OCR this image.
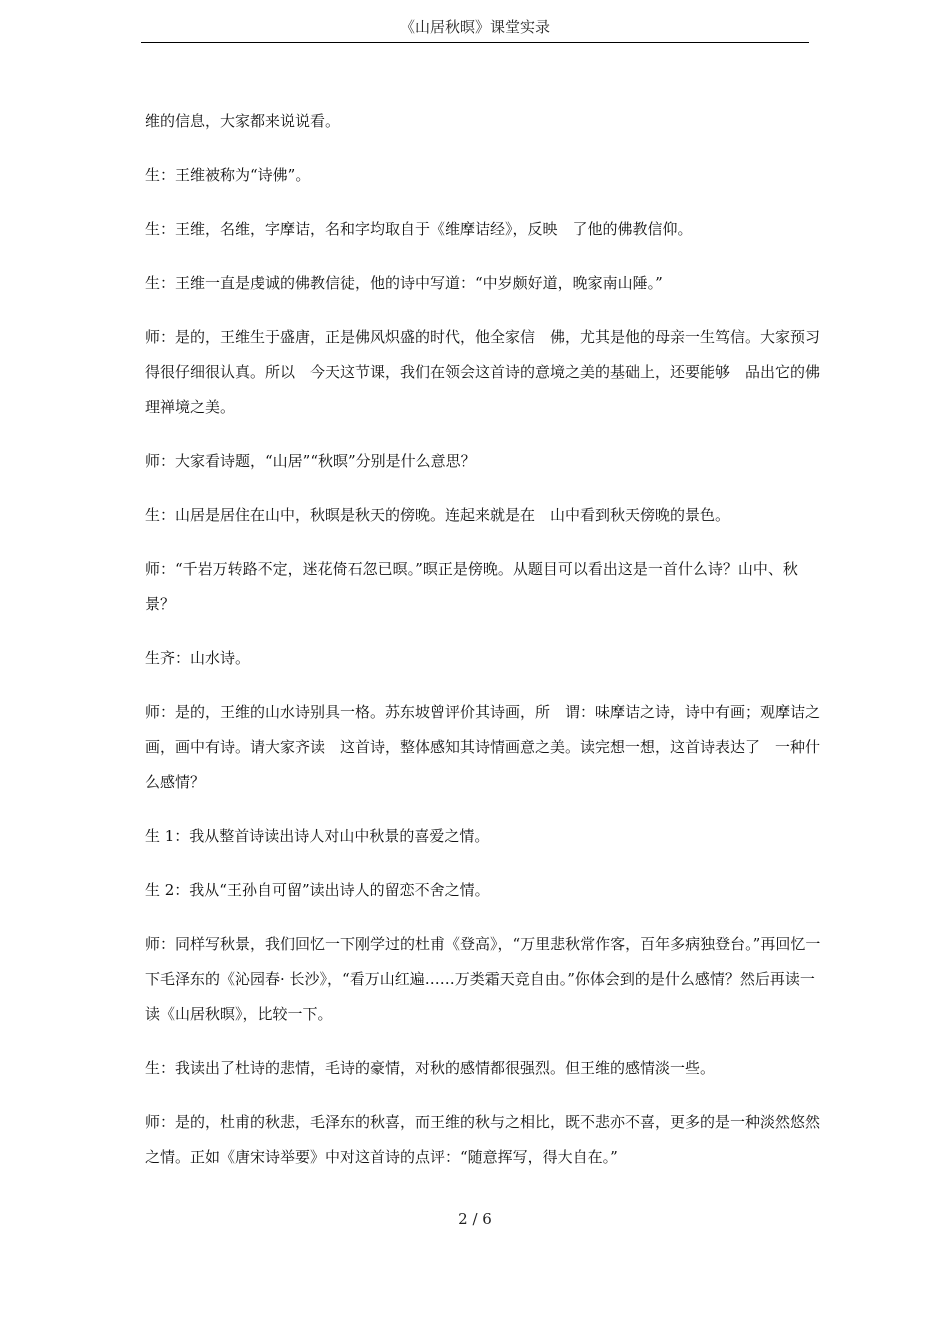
《山居秋暝》课堂实录

维的信息，大家都来说说看。

生：王维被称为“诗佛”。

生：王维，名维，字摩诘，名和字均取自于《维摩诘经》，反映　了他的佛教信仰。

生：王维一直是虔诚的佛教信徒，他的诗中写道：“中岁颇好道，晚家南山陲。”

师：是的，王维生于盛唐，正是佛风炽盛的时代，他全家信　佛，尤其是他的母亲一生笃信。大家预习得很仔细很认真。所以　今天这节课，我们在领会这首诗的意境之美的基础上，还要能够　品出它的佛理禅境之美。

师：大家看诗题，“山居”“秋暝”分别是什么意思？

生：山居是居住在山中，秋暝是秋天的傍晚。连起来就是在　山中看到秋天傍晚的景色。

师：“千岩万转路不定，迷花倚石忽已暝。”暝正是傍晚。从题目可以看出这是一首什么诗？山中、秋景？

生齐：山水诗。

师：是的，王维的山水诗别具一格。苏东坡曾评价其诗画，所　谓：味摩诘之诗，诗中有画；观摩诘之画，画中有诗。请大家齐读　这首诗，整体感知其诗情画意之美。读完想一想，这首诗表达了　一种什么感情？

生 1：我从整首诗读出诗人对山中秋景的喜爱之情。

生 2：我从“王孙自可留”读出诗人的留恋不舍之情。

师：同样写秋景，我们回忆一下刚学过的杜甫《登高》，“万里悲秋常作客，百年多病独登台。”再回忆一下毛泽东的《沁园春· 长沙》，“看万山红遍……万类霜天竞自由。”你体会到的是什么感情？然后再读一读《山居秋暝》，比较一下。

生：我读出了杜诗的悲情，毛诗的豪情，对秋的感情都很强烈。但王维的感情淡一些。

师：是的，杜甫的秋悲，毛泽东的秋喜，而王维的秋与之相比，既不悲亦不喜，更多的是一种淡然悠然之情。正如《唐宋诗举要》中对这首诗的点评：“随意挥写，得大自在。”

2 / 6
